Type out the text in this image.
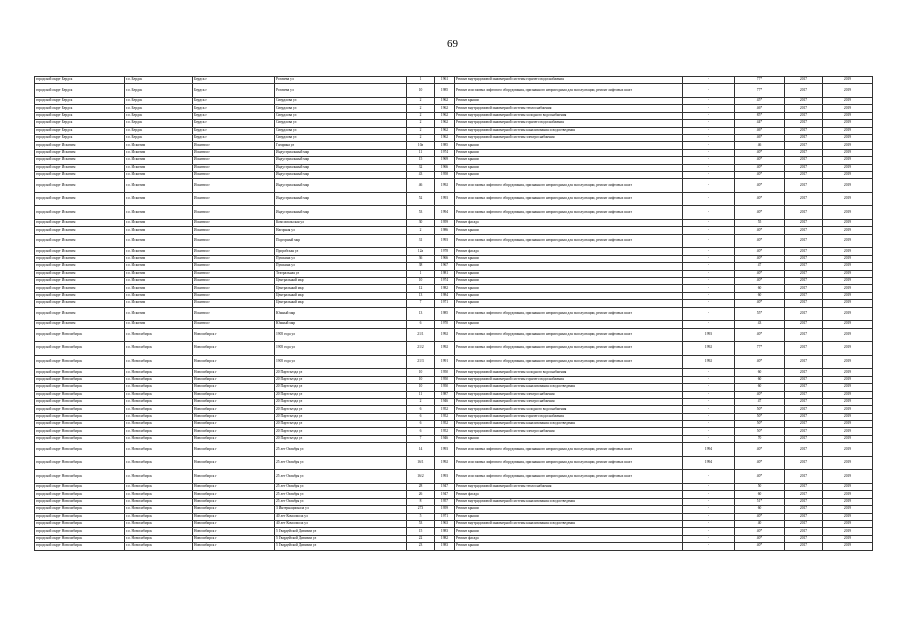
69
городской округ Бердск	г.о. Бердск	Бердск г	Рогачева ул	1	1961	Ремонт внутридомовой инженерной системы горячего водоснабжения	-	77*	2017	2019
городской округ Бердск	г.о. Бердск	Бердск г	Рогачева ул	10	1985	Ремонт или замена лифтового оборудования, признанного непригодным для эксплуатации, ремонт лифтовых шахт	-	77*	2017	2019
городской округ Бердск	г.о. Бердск	Бердск г	Свердлова ул	2	1962	Ремонт крыши	-	45*	2017	2019
городской округ Бердск	г.о. Бердск	Бердск г	Свердлова ул	2	1962	Ремонт внутридомовой инженерной системы теплоснабжения	-	46*	2017	2019
городской округ Бердск	г.о. Бердск	Бердск г	Свердлова ул	2	1962	Ремонт внутридомовой инженерной системы холодного водоснабжения	-	85*	2017	2019
городской округ Бердск	г.о. Бердск	Бердск г	Свердлова ул	2	1962	Ремонт внутридомовой инженерной системы горячего водоснабжения	-	44*	2017	2019
городской округ Бердск	г.о. Бердск	Бердск г	Свердлова ул	2	1962	Ремонт внутридомовой инженерной системы канализования и водоотведения	-	46*	2017	2019
городской округ Бердск	г.о. Бердск	Бердск г	Свердлова ул	2	1962	Ремонт внутридомовой инженерной системы электроснабжения	-	46*	2017	2019
городской округ Искитим	г.о. Искитим	Искитим г	Гагарина ул	10а	1985	Ремонт крыши	-	46	2017	2019
городской округ Искитим	г.о. Искитим	Искитим г	Индустриальный мкр	11	1974	Ремонт крыши	-	40*	2017	2019
городской округ Искитим	г.о. Искитим	Искитим г	Индустриальный мкр	15	1969	Ремонт крыши	-	40*	2017	2019
городской округ Искитим	г.о. Искитим	Искитим г	Индустриальный мкр	32	1966	Ремонт крыши	-	40*	2017	2019
городской округ Искитим	г.о. Искитим	Искитим г	Индустриальный мкр	43	1958	Ремонт крыши	-	40*	2017	2019
городской округ Искитим	г.о. Искитим	Искитим г	Индустриальный мкр	46	1992	Ремонт или замена лифтового оборудования, признанного непригодным для эксплуатации, ремонт лифтовых шахт	-	40*	2017	2019
городской округ Искитим	г.о. Искитим	Искитим г	Индустриальный мкр	52	1993	Ремонт или замена лифтового оборудования, признанного непригодным для эксплуатации, ремонт лифтовых шахт	-	40*	2017	2019
городской округ Искитим	г.о. Искитим	Искитим г	Индустриальный мкр	53	1994	Ремонт или замена лифтового оборудования, признанного непригодным для эксплуатации, ремонт лифтовых шахт	-	40*	2017	2019
городской округ Искитим	г.о. Искитим	Искитим г	Комсомольская ул	30	1959	Ремонт фасада	-	55	2017	2019
городской округ Искитим	г.о. Искитим	Искитим г	Нагорная ул	2	1986	Ремонт крыши	-	40*	2017	2019
городской округ Искитим	г.о. Искитим	Искитим г	Подгорный мкр	31	1993	Ремонт или замена лифтового оборудования, признанного непригодным для эксплуатации, ремонт лифтовых шахт	-	40*	2017	2019
городской округ Искитим	г.о. Искитим	Искитим г	Прорабская ул	12а	1978	Ремонт фасада	-	40*	2017	2019
городской округ Искитим	г.о. Искитим	Искитим г	Пушкина ул	36	1966	Ремонт крыши	-	40*	2017	2019
городской округ Искитим	г.о. Искитим	Искитим г	Пушкина ул	38	1967	Ремонт крыши	-	47	2017	2019
городской округ Искитим	г.о. Искитим	Искитим г	Театральная ул	1	1981	Ремонт крыши	-	40*	2017	2019
городской округ Искитим	г.о. Искитим	Искитим г	Центральный мкр	10	1974	Ремонт крыши	-	40*	2017	2019
городской округ Искитим	г.о. Искитим	Искитим г	Центральный мкр	12	1982	Ремонт крыши	-	60	2017	2019
городской округ Искитим	г.о. Искитим	Искитим г	Центральный мкр	13	1984	Ремонт крыши	-	60	2017	2019
городской округ Искитим	г.о. Искитим	Искитим г	Центральный мкр	7	1971	Ремонт крыши	-	40*	2017	2019
городской округ Искитим	г.о. Искитим	Искитим г	Южный мкр	13	1985	Ремонт или замена лифтового оборудования, признанного непригодным для эксплуатации, ремонт лифтовых шахт	-	55*	2017	2019
городской округ Искитим	г.о. Искитим	Искитим г	Южный мкр	6	1970	Ремонт крыши	-	43	2017	2019
городской округ Новосибирск	г.о. Новосибирск	Новосибирск г	1905 года ул	21/1	1992	Ремонт или замена лифтового оборудования, признанного непригодным для эксплуатации, ремонт лифтовых шахт	1993	40*	2017	2019
городской округ Новосибирск	г.о. Новосибирск	Новосибирск г	1905 года ул	21/2	1992	Ремонт или замена лифтового оборудования, признанного непригодным для эксплуатации, ремонт лифтовых шахт	1992	77*	2017	2019
городской округ Новосибирск	г.о. Новосибирск	Новосибирск г	1905 года ул	21/3	1991	Ремонт или замена лифтового оборудования, признанного непригодным для эксплуатации, ремонт лифтовых шахт	1992	40*	2017	2019
городской округ Новосибирск	г.о. Новосибирск	Новосибирск г	20 Партсъезда ул	10	1950	Ремонт внутридомовой инженерной системы холодного водоснабжения	-	60	2017	2019
городской округ Новосибирск	г.о. Новосибирск	Новосибирск г	20 Партсъезда ул	10	1950	Ремонт внутридомовой инженерной системы горячего водоснабжения	-	60	2017	2019
городской округ Новосибирск	г.о. Новосибирск	Новосибирск г	20 Партсъезда ул	10	1950	Ремонт внутридомовой инженерной системы канализования и водоотведения	-	60	2017	2019
городской округ Новосибирск	г.о. Новосибирск	Новосибирск г	20 Партсъезда ул	11	1987	Ремонт внутридомовой инженерной системы электроснабжения	-	40*	2017	2019
городской округ Новосибирск	г.о. Новосибирск	Новосибирск г	20 Партсъезда ул	2	1946	Ремонт внутридомовой инженерной системы электроснабжения	-	47	2017	2019
городской округ Новосибирск	г.о. Новосибирск	Новосибирск г	20 Партсъезда ул	6	1952	Ремонт внутридомовой инженерной системы холодного водоснабжения	-	50*	2017	2019
городской округ Новосибирск	г.о. Новосибирск	Новосибирск г	20 Партсъезда ул	6	1952	Ремонт внутридомовой инженерной системы горячего водоснабжения	-	50*	2017	2019
городской округ Новосибирск	г.о. Новосибирск	Новосибирск г	20 Партсъезда ул	6	1952	Ремонт внутридомовой инженерной системы канализования и водоотведения	-	50*	2017	2019
городской округ Новосибирск	г.о. Новосибирск	Новосибирск г	20 Партсъезда ул	6	1952	Ремонт внутридомовой инженерной системы электроснабжения	-	50*	2017	2019
городской округ Новосибирск	г.о. Новосибирск	Новосибирск г	20 Партсъезда ул	7	1946	Ремонт крыши	-	70	2017	2019
городской округ Новосибирск	г.о. Новосибирск	Новосибирск г	25 лет Октября ул	14	1993	Ремонт или замена лифтового оборудования, признанного непригодным для эксплуатации, ремонт лифтовых шахт	1994	40*	2017	2019
городской округ Новосибирск	г.о. Новосибирск	Новосибирск г	25 лет Октября ул	16/1	1992	Ремонт или замена лифтового оборудования, признанного непригодным для эксплуатации, ремонт лифтовых шахт	1994	40*	2017	2019
городской округ Новосибирск	г.о. Новосибирск	Новосибирск г	25 лет Октября ул	16/2	1993	Ремонт или замена лифтового оборудования, признанного непригодным для эксплуатации, ремонт лифтовых шахт	-	40*	2017	2019
городской округ Новосибирск	г.о. Новосибирск	Новосибирск г	25 лет Октября ул	28	1947	Ремонт внутридомовой инженерной системы теплоснабжения	-	50	2017	2019
городской округ Новосибирск	г.о. Новосибирск	Новосибирск г	25 лет Октября ул	26	1947	Ремонт фасада	-	60	2017	2019
городской округ Новосибирск	г.о. Новосибирск	Новосибирск г	25 лет Октября ул	8	1957	Ремонт внутридомовой инженерной системы канализования и водоотведения	-	51*	2017	2019
городской округ Новосибирск	г.о. Новосибирск	Новосибирск г	3 Интернационала ул	273	1959	Ремонт крыши	-	60	2017	2019
городской округ Новосибирск	г.о. Новосибирск	Новосибирск г	40 лет Комсомола ул	5	1971	Ремонт крыши	-	40*	2017	2019
городской округ Новосибирск	г.о. Новосибирск	Новосибирск г	40 лет Комсомола ул	53	1963	Ремонт внутридомовой инженерной системы канализования и водоотведения	-	40	2017	2019
городской округ Новосибирск	г.о. Новосибирск	Новосибирск г	5 Гвардейской Дивизии ул	15	1983	Ремонт крыши	-	40*	2017	2019
городской округ Новосибирск	г.о. Новосибирск	Новосибирск г	5 Гвардейской Дивизии ул	22	1982	Ремонт фасада	-	40*	2017	2019
городской округ Новосибирск	г.о. Новосибирск	Новосибирск г	5 Гвардейской Дивизии ул	23	1983	Ремонт крыши	-	40*	2017	2019
